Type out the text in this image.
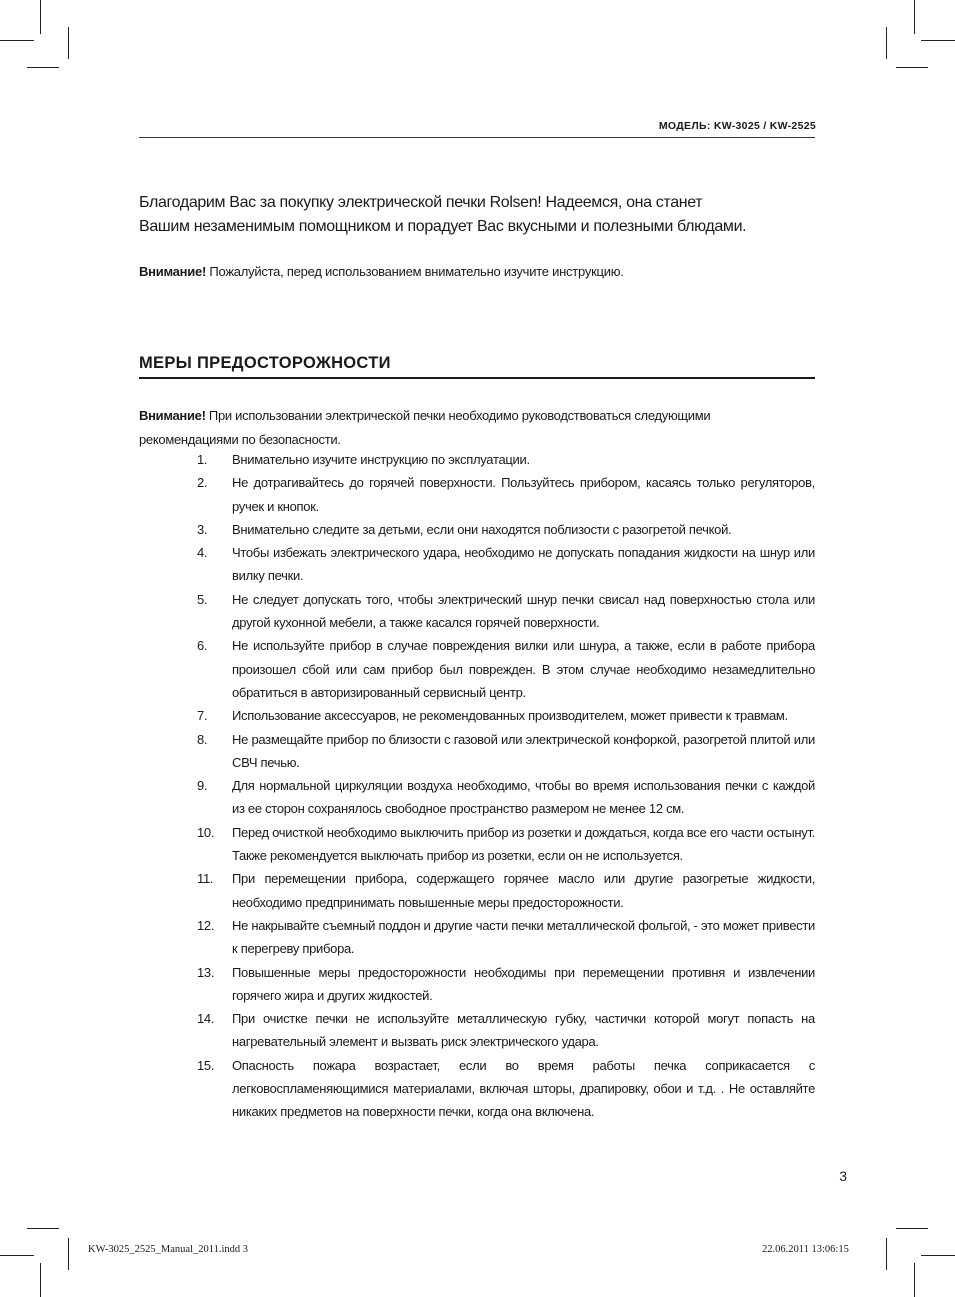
МОДЕЛЬ: KW-3025 / KW-2525
Благодарим Вас за покупку электрической печки Rolsen! Надеемся, она станет
Вашим незаменимым помощником и порадует Вас вкусными и полезными блюдами.
Внимание! Пожалуйста, перед использованием внимательно изучите инструкцию.
МЕРЫ ПРЕДОСТОРОЖНОСТИ
Внимание! При использовании электрической печки необходимо руководствоваться следующими
рекомендациями по безопасности.
1. Внимательно изучите инструкцию по эксплуатации.
2. Не дотрагивайтесь до горячей поверхности. Пользуйтесь прибором, касаясь только регуляторов, ручек и кнопок.
3. Внимательно следите за детьми, если они находятся поблизости с разогретой печкой.
4. Чтобы избежать электрического удара, необходимо не допускать попадания жидкости на шнур или вилку печки.
5. Не следует допускать того, чтобы электрический шнур печки свисал над поверхностью стола или другой кухонной мебели, а также касался горячей поверхности.
6. Не используйте прибор в случае повреждения вилки или шнура, а также, если в работе прибора произошел сбой или сам прибор был поврежден. В этом случае необходимо незамедлительно обратиться в авторизированный сервисный центр.
7. Использование аксессуаров, не рекомендованных производителем, может привести к травмам.
8. Не размещайте прибор по близости с газовой или электрической конфоркой, разогретой плитой или СВЧ печью.
9. Для нормальной циркуляции воздуха необходимо, чтобы во время использования печки с каждой из ее сторон сохранялось свободное пространство размером не менее 12 см.
10. Перед очисткой необходимо выключить прибор из розетки и дождаться, когда все его части остынут. Также рекомендуется выключать прибор из розетки, если он не используется.
11. При перемещении прибора, содержащего горячее масло или другие разогретые жидкости, необходимо предпринимать повышенные меры предосторожности.
12. Не накрывайте съемный поддон и другие части печки металлической фольгой, - это может привести к перегреву прибора.
13. Повышенные меры предосторожности необходимы при перемещении противня и извлечении горячего жира и других жидкостей.
14. При очистке печки не используйте металлическую губку, частички которой могут попасть на нагревательный элемент и вызвать риск электрического удара.
15. Опасность пожара возрастает, если во время работы печка соприкасается с легковоспламеняющимися материалами, включая шторы, драпировку, обои и т.д. . Не оставляйте никаких предметов на поверхности печки, когда она включена.
3
KW-3025_2525_Manual_2011.indd 3	22.06.2011 13:06:15
